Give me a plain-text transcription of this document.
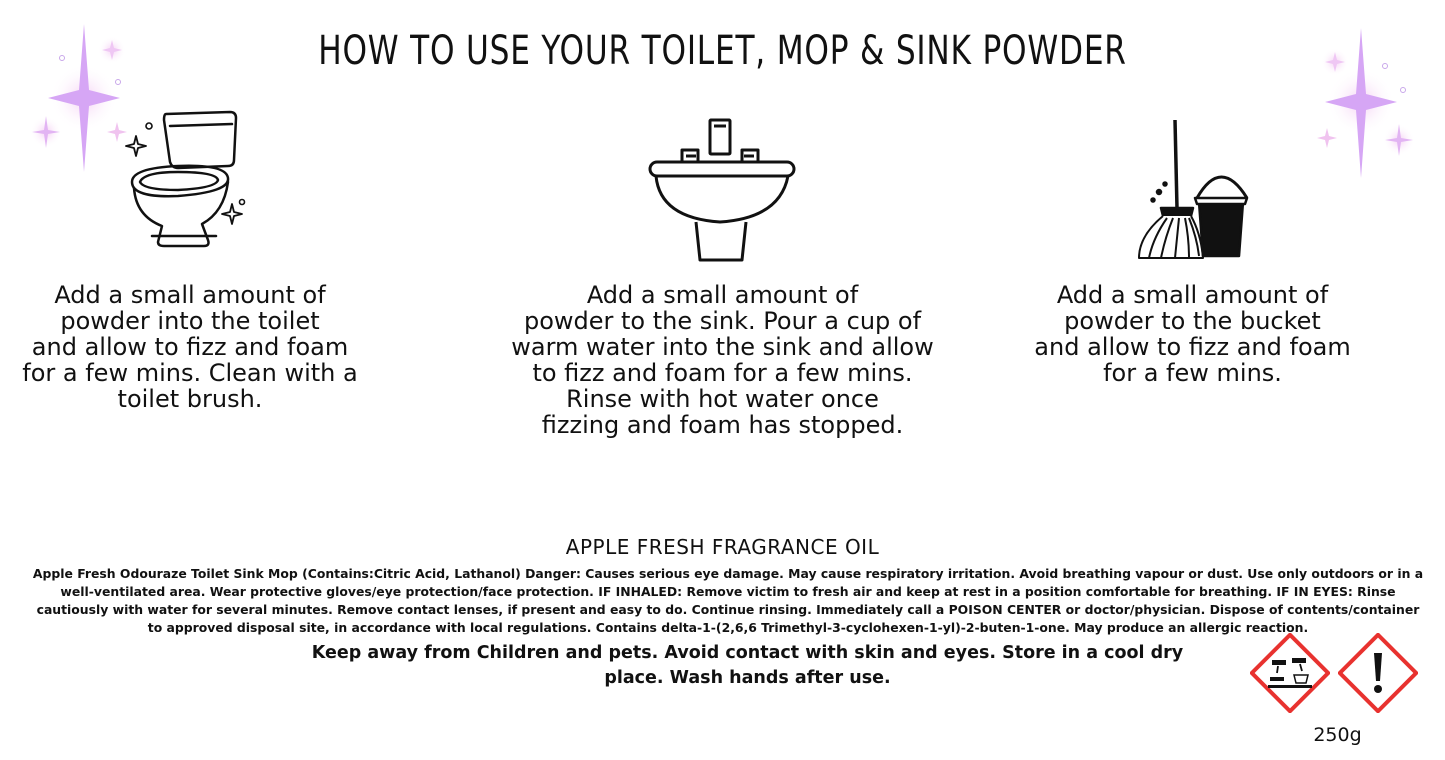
HOW TO USE YOUR TOILET, MOP & SINK POWDER
Add a small amount of
powder into the toilet
and allow to fizz and foam
for a few mins. Clean with a
toilet brush.
Add a small amount of
powder to the sink. Pour a cup of
warm water into the sink and allow
to fizz and foam for a few mins.
Rinse with hot water once
fizzing and foam has stopped.
Add a small amount of
powder to the bucket
and allow to fizz and foam
for a few mins.
APPLE FRESH FRAGRANCE OIL
Apple Fresh Odouraze Toilet Sink Mop (Contains:Citric Acid, Lathanol) Danger: Causes serious eye damage. May cause respiratory irritation. Avoid breathing vapour or dust. Use only outdoors or in a well-ventilated area. Wear protective gloves/eye protection/face protection. IF INHALED: Remove victim to fresh air and keep at rest in a position comfortable for breathing. IF IN EYES: Rinse cautiously with water for several minutes. Remove contact lenses, if present and easy to do. Continue rinsing. Immediately call a POISON CENTER or doctor/physician. Dispose of contents/container to approved disposal site, in accordance with local regulations. Contains delta-1-(2,6,6 Trimethyl-3-cyclohexen-1-yl)-2-buten-1-one. May produce an allergic reaction.
Keep away from Children and pets. Avoid contact with skin and eyes. Store in a cool dry place. Wash hands after use.
250g
